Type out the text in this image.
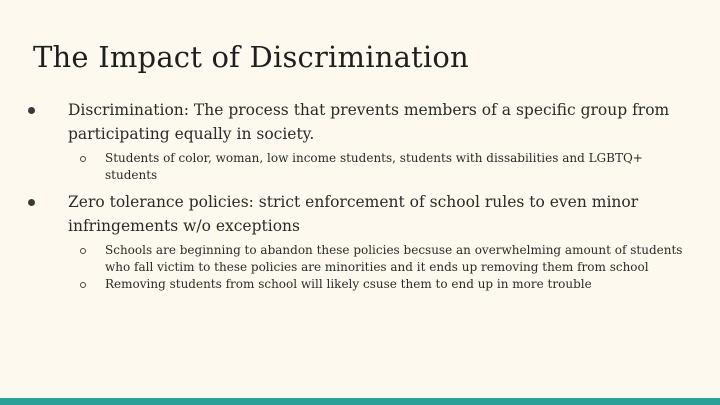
The Impact of Discrimination
Discrimination: The process that prevents members of a specific group from participating equally in society.
Students of color, woman, low income students, students with dissabilities and LGBTQ+ students
Zero tolerance policies: strict enforcement of school rules to even minor infringements w/o exceptions
Schools are beginning to abandon these policies becsuse an overwhelming amount of students who fall victim to these policies are minorities and it ends up removing them from school
Removing students from school will likely csuse them to end up in more trouble
